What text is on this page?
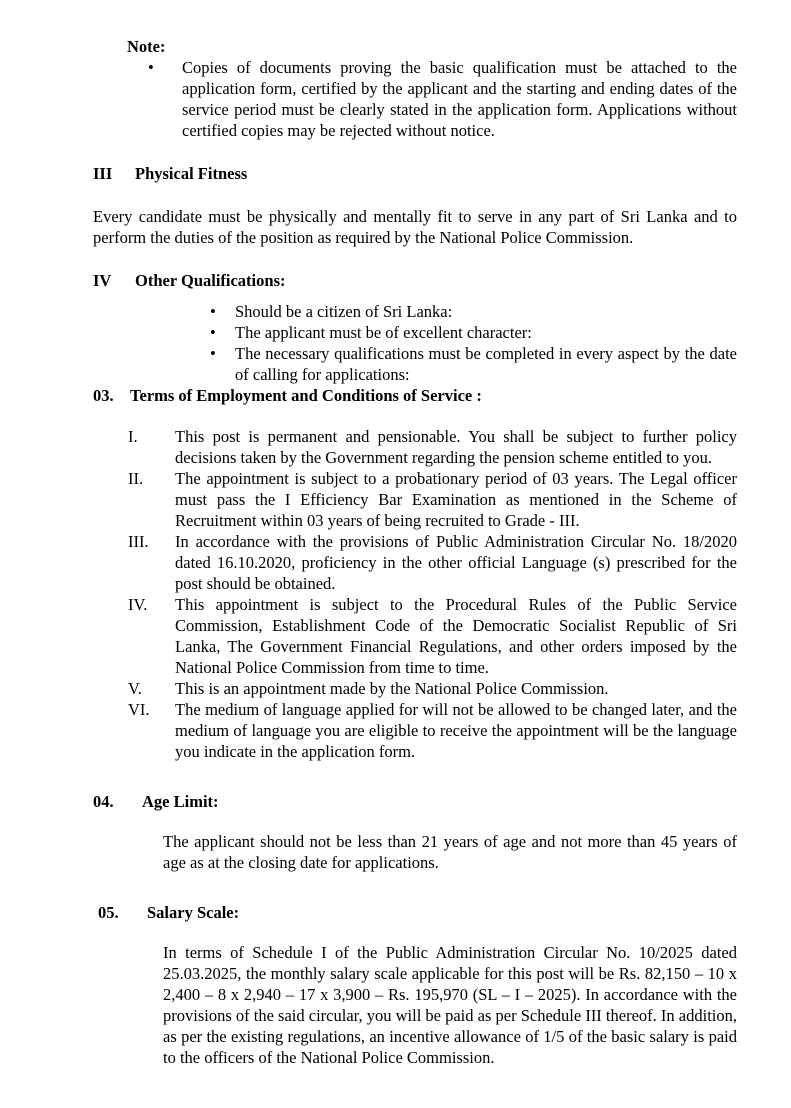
Note:
•	Copies of documents proving the basic qualification must be attached to the application form, certified by the applicant and the starting and ending dates of the service period must be clearly stated in the application form. Applications without certified copies may be rejected without notice.
III	Physical Fitness
Every candidate must be physically and mentally fit to serve in any part of Sri Lanka and to perform the duties of the position as required by the National Police Commission.
IV	Other Qualifications:
•	Should be a citizen of Sri Lanka:
•	The applicant must be of excellent character:
•	The necessary qualifications must be completed in every aspect by the date of calling for applications:
03. Terms of Employment and Conditions of Service :
I.	This post is permanent and pensionable. You shall be subject to further policy decisions taken by the Government regarding the pension scheme entitled to you.
II.	The appointment is subject to a probationary period of 03 years. The Legal officer must pass the I Efficiency Bar Examination as mentioned in the Scheme of Recruitment within 03 years of being recruited to Grade - III.
III.	In accordance with the provisions of Public Administration Circular No. 18/2020 dated 16.10.2020, proficiency in the other official Language (s) prescribed for the post should be obtained.
IV.	This appointment is subject to the Procedural Rules of the Public Service Commission, Establishment Code of the Democratic Socialist Republic of Sri Lanka, The Government Financial Regulations, and other orders imposed by the National Police Commission from time to time.
V.	This is an appointment made by the National Police Commission.
VI.	The medium of language applied for will not be allowed to be changed later, and the medium of language you are eligible to receive the appointment will be the language you indicate in the application form.
04.	Age Limit:
The applicant should not be less than 21 years of age and not more than 45 years of age as at the closing date for applications.
05.	Salary Scale:
In terms of Schedule I of the Public Administration Circular No. 10/2025 dated 25.03.2025, the monthly salary scale applicable for this post will be Rs. 82,150 – 10 x 2,400 – 8 x 2,940 – 17 x 3,900 – Rs. 195,970 (SL – I – 2025). In accordance with the provisions of the said circular, you will be paid as per Schedule III thereof. In addition, as per the existing regulations, an incentive allowance of 1/5 of the basic salary is paid to the officers of the National Police Commission.
